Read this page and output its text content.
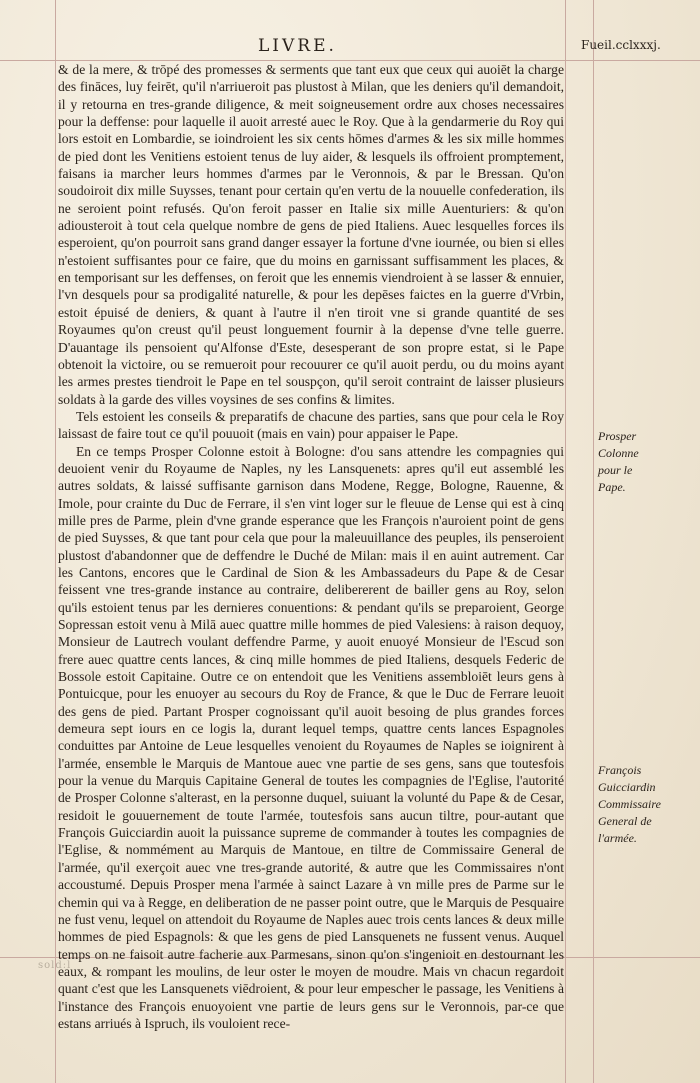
LIVRE.	Fueil.cclxxxj.

& de la mere, & trōpé des promesses & serments que tant eux que ceux qui auoiēt la charge des fināces, luy feirēt, qu'il n'arriueroit pas plustost à Milan, que les deniers qu'il demandoit, il y retourna en tres-grande diligence, & meit soigneusement ordre aux choses necessaires pour la deffense: pour laquelle il auoit arresté auec le Roy. Que à la gendarmerie du Roy qui lors estoit en Lombardie, se ioindroient les six cents hōmes d'armes & les six mille hommes de pied dont les Venitiens estoient tenus de luy aider, & lesquels ils offroient promptement, faisans ia marcher leurs hommes d'armes par le Veronnois, & par le Bressan. Qu'on soudoiroit dix mille Suysses, tenant pour certain qu'en vertu de la nouuelle confederation, ils ne seroient point refusés. Qu'on feroit passer en Italie six mille Auenturiers: & qu'on adiousteroit à tout cela quelque nombre de gens de pied Italiens. Auec lesquelles forces ils esperoient, qu'on pourroit sans grand danger essayer la fortune d'vne iournée, ou bien si elles n'estoient suffisantes pour ce faire, que du moins en garnissant suffisamment les places, & en temporisant sur les deffenses, on feroit que les ennemis viendroient à se lasser & ennuier, l'vn desquels pour sa prodigalité naturelle, & pour les depēses faictes en la guerre d'Vrbin, estoit épuisé de deniers, & quant à l'autre il n'en tiroit vne si grande quantité de ses Royaumes qu'on creust qu'il peust longuement fournir à la depense d'vne telle guerre. D'auantage ils pensoient qu'Alfonse d'Este, desesperant de son propre estat, si le Pape obtenoit la victoire, ou se remueroit pour recouurer ce qu'il auoit perdu, ou du moins ayant les armes prestes tiendroit le Pape en tel souspçon, qu'il seroit contraint de laisser plusieurs soldats à la garde des villes voysines de ses confins & limites.

Tels estoient les conseils & preparatifs de chacune des parties, sans que pour cela le Roy laissast de faire tout ce qu'il pouuoit (mais en vain) pour appaiser le Pape.

En ce temps Prosper Colonne estoit à Bologne: d'ou sans attendre les compagnies qui deuoient venir du Royaume de Naples, ny les Lansquenets: apres qu'il eut assemblé les autres soldats, & laissé suffisante garnison dans Modene, Regge, Bologne, Rauenne, & Imole, pour crainte du Duc de Ferrare, il s'en vint loger sur le fleuue de Lense qui est à cinq mille pres de Parme, plein d'vne grande esperance que les François n'auroient point de gens de pied Suysses, & que tant pour cela que pour la maleuuillance des peuples, ils penseroient plustost d'abandonner que de deffendre le Duché de Milan: mais il en auint autrement. Car les Cantons, encores que le Cardinal de Sion & les Ambassadeurs du Pape & de Cesar feissent vne tres-grande instance au contraire, delibererent de bailler gens au Roy, selon qu'ils estoient tenus par les dernieres conuentions: & pendant qu'ils se preparoient, George Sopressan estoit venu à Milā auec quattre mille hommes de pied Valesiens: à raison dequoy, Monsieur de Lautrech voulant deffendre Parme, y auoit enuoyé Monsieur de l'Escud son frere auec quattre cents lances, & cinq mille hommes de pied Italiens, desquels Federic de Bossole estoit Capitaine. Outre ce on entendoit que les Venitiens assembloiēt leurs gens à Pontuicque, pour les enuoyer au secours du Roy de France, & que le Duc de Ferrare leuoit des gens de pied. Partant Prosper cognoissant qu'il auoit besoing de plus grandes forces demeura sept iours en ce logis la, durant lequel temps, quattre cents lances Espagnoles conduittes par Antoine de Leue lesquelles venoient du Royaumes de Naples se ioignirent à l'armée, ensemble le Marquis de Mantoue auec vne partie de ses gens, sans que toutesfois pour la venue du Marquis Capitaine General de toutes les compagnies de l'Eglise, l'autorité de Prosper Colonne s'alterast, en la personne duquel, suiuant la volunté du Pape & de Cesar, residoit le gouuernement de toute l'armée, toutesfois sans aucun tiltre, pour-autant que François Guicciardin auoit la puissance supreme de commander à toutes les compagnies de l'Eglise, & nommément au Marquis de Mantoue, en tiltre de Commissaire General de l'armée, qu'il exerçoit auec vne tres-grande autorité, & autre que les Commissaires n'ont accoustumé. Depuis Prosper mena l'armée à sainct Lazare à vn mille pres de Parme sur le chemin qui va à Regge, en deliberation de ne passer point outre, que le Marquis de Pesquaire ne fust venu, lequel on attendoit du Royaume de Naples auec trois cents lances & deux mille hommes de pied Espagnols: & que les gens de pied Lansquenets ne fussent venus. Auquel temps on ne faisoit autre facherie aux Parmesans, sinon qu'on s'ingenioit en destournant les eaux, & rompant les moulins, de leur oster le moyen de moudre. Mais vn chacun regardoit quant c'est que les Lansquenets viēdroient, & pour leur empescher le passage, les Venitiens à l'instance des François enuoyoient vne partie de leurs gens sur le Veronnois, par-ce que estans arriués à Ispruch, ils vouloient rece-

Prosper Colonne pour le Pape.
François Guicciardin Commissaire General de l'armée.
sold:l
